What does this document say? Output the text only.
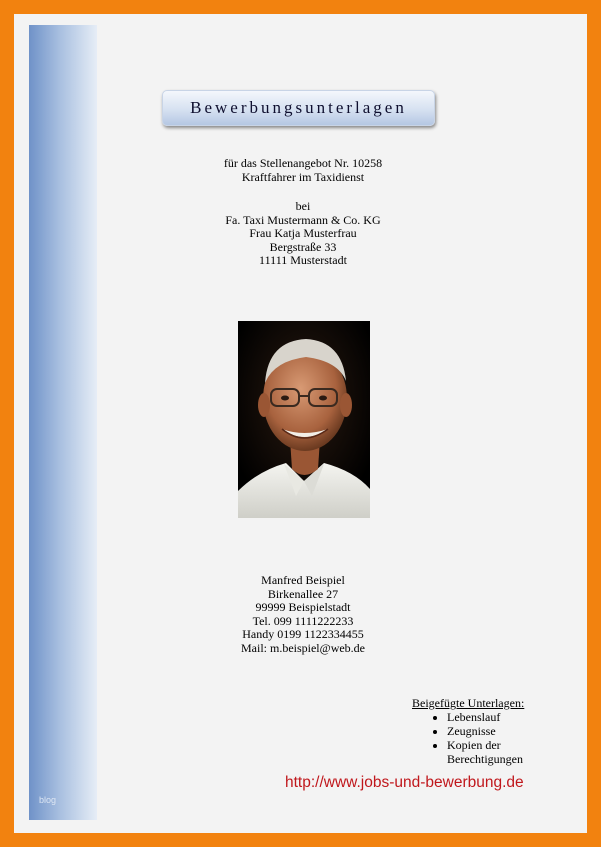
blog
Bewerbungsunterlagen
für das Stellenangebot Nr. 10258
Kraftfahrer im Taxidienst
bei
Fa. Taxi Mustermann & Co. KG
Frau Katja Musterfrau
Bergstraße 33
11111 Musterstadt
Manfred Beispiel
Birkenallee 27
99999 Beispielstadt
Tel. 099 1111222233
Handy 0199 1122334455
Mail: m.beispiel@web.de
Beigefügte Unterlagen:
• Lebenslauf
• Zeugnisse
• Kopien der Berechtigungen
http://www.jobs-und-bewerbung.de
